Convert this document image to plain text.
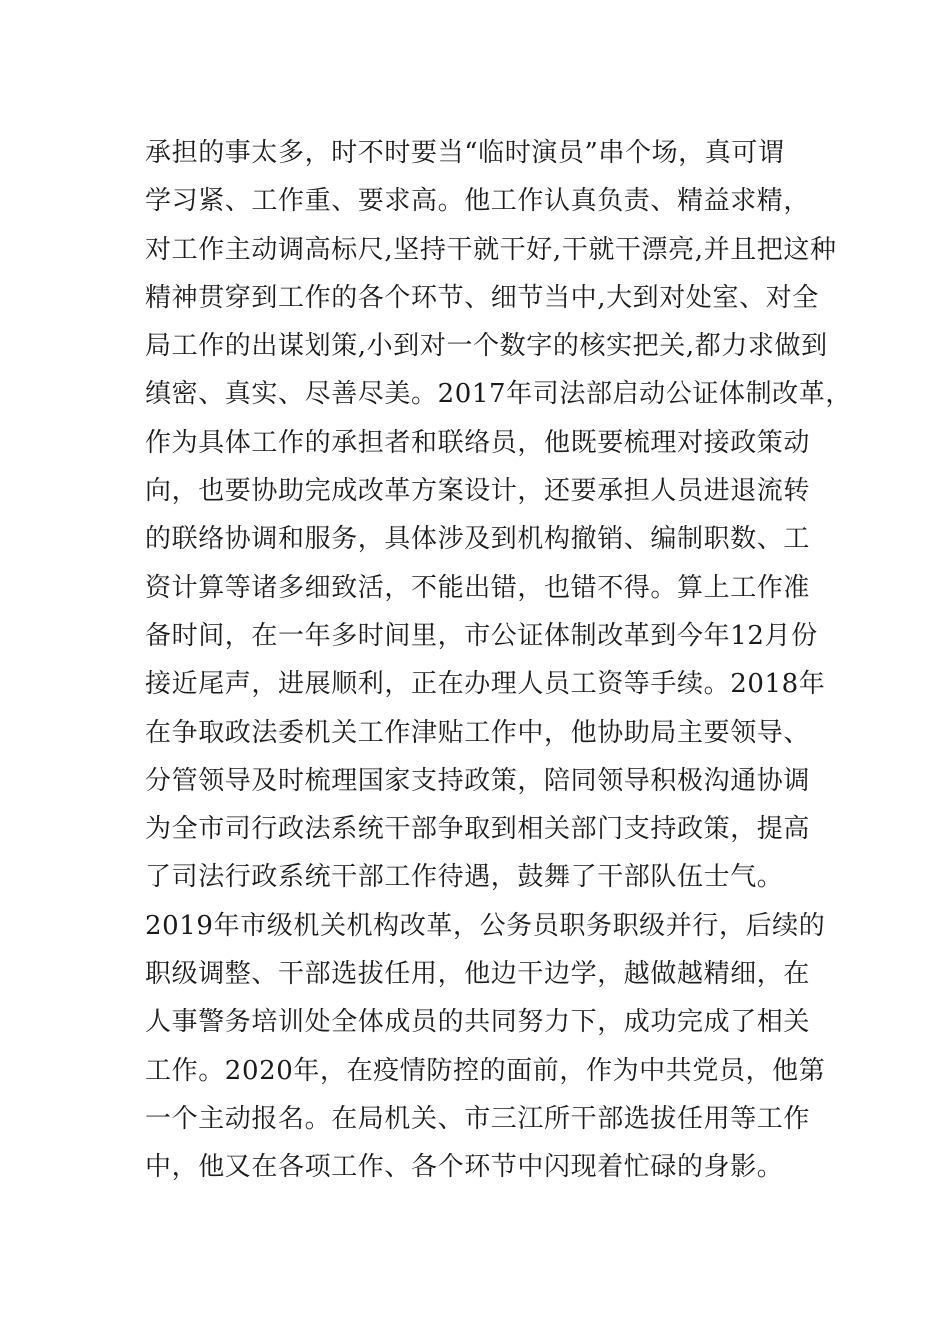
承担的事太多，时不时要当“临时演员”串个场，真可谓
学习紧、工作重、要求高。他工作认真负责、精益求精，
对工作主动调高标尺,坚持干就干好,干就干漂亮,并且把这种
精神贯穿到工作的各个环节、细节当中,大到对处室、对全
局工作的出谋划策,小到对一个数字的核实把关,都力求做到
缜密、真实、尽善尽美。2017年司法部启动公证体制改革，
作为具体工作的承担者和联络员，他既要梳理对接政策动
向，也要协助完成改革方案设计，还要承担人员进退流转
的联络协调和服务，具体涉及到机构撤销、编制职数、工
资计算等诸多细致活，不能出错，也错不得。算上工作准
备时间，在一年多时间里，市公证体制改革到今年12月份
接近尾声，进展顺利，正在办理人员工资等手续。2018年
在争取政法委机关工作津贴工作中，他协助局主要领导、
分管领导及时梳理国家支持政策，陪同领导积极沟通协调
为全市司行政法系统干部争取到相关部门支持政策，提高
了司法行政系统干部工作待遇，鼓舞了干部队伍士气。
2019年市级机关机构改革，公务员职务职级并行，后续的
职级调整、干部选拔任用，他边干边学，越做越精细，在
人事警务培训处全体成员的共同努力下，成功完成了相关
工作。2020年，在疫情防控的面前，作为中共党员，他第
一个主动报名。在局机关、市三江所干部选拔任用等工作
中，他又在各项工作、各个环节中闪现着忙碌的身影。
